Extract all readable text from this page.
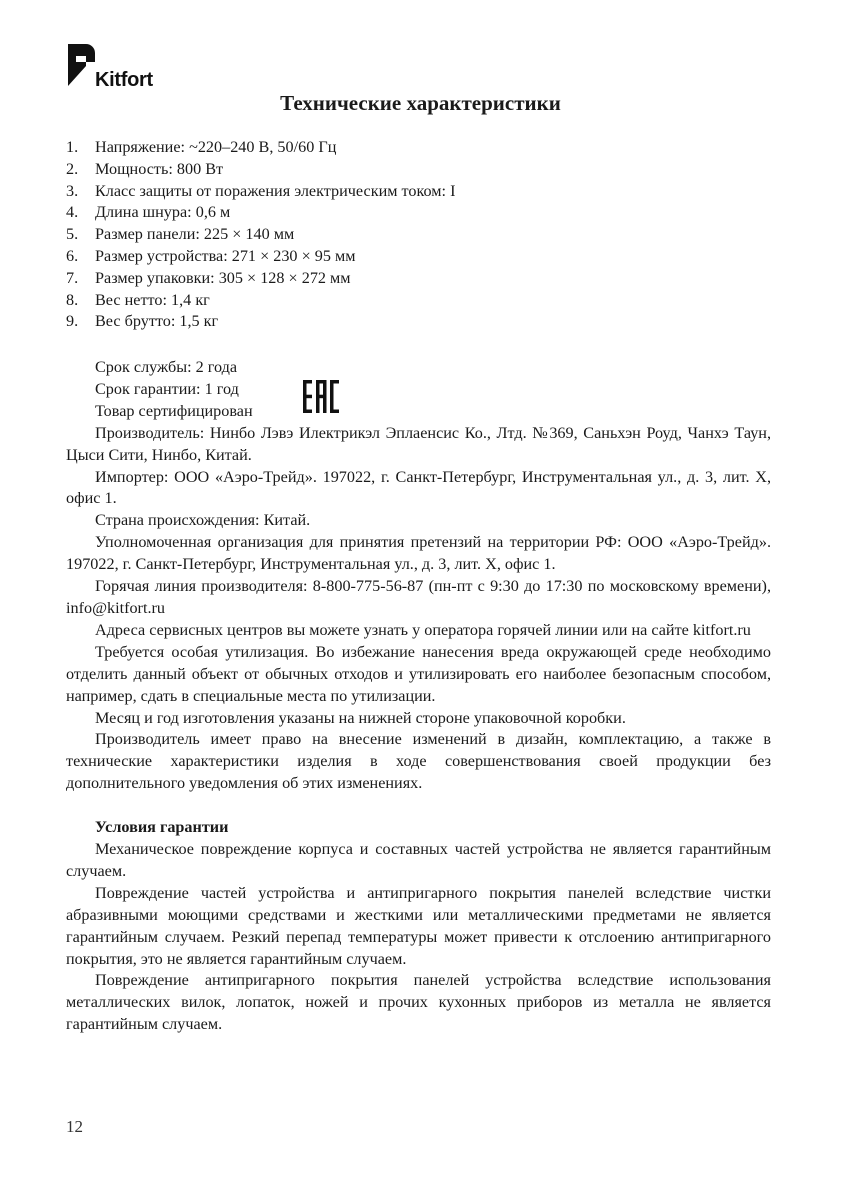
Kitfort
Технические характеристики
1.	Напряжение: ~220–240 В, 50/60 Гц
2.	Мощность: 800 Вт
3.	Класс защиты от поражения электрическим током: I
4.	Длина шнура: 0,6 м
5.	Размер панели: 225 × 140 мм
6.	Размер устройства: 271 × 230 × 95 мм
7.	Размер упаковки: 305 × 128 × 272 мм
8.	Вес нетто: 1,4 кг
9.	Вес брутто: 1,5 кг

Срок службы: 2 года

Срок гарантии: 1 год

Товар сертифицирован

Производитель: Нинбо Лэвэ Илектрикэл Эплаенсис Ко., Лтд. №369, Саньхэн Роуд, Чанхэ Таун, Цыси Сити, Нинбо, Китай.

Импортер: ООО «Аэро-Трейд». 197022, г. Санкт-Петербург, Инструментальная ул., д. 3, лит. Х, офис 1.

Страна происхождения: Китай.

Уполномоченная организация для принятия претензий на территории РФ: ООО «Аэро-Трейд». 197022, г. Санкт-Петербург, Инструментальная ул., д. 3, лит. Х, офис 1.

Горячая линия производителя: 8-800-775-56-87 (пн-пт с 9:30 до 17:30 по московскому времени), info@kitfort.ru

Адреса сервисных центров вы можете узнать у оператора горячей линии или на сайте kitfort.ru

Требуется особая утилизация. Во избежание нанесения вреда окружающей среде необходимо отделить данный объект от обычных отходов и утилизировать его наиболее безопасным способом, например, сдать в специальные места по утилизации.

Месяц и год изготовления указаны на нижней стороне упаковочной коробки.

Производитель имеет право на внесение изменений в дизайн, комплектацию, а также в технические характеристики изделия в ходе совершенствования своей продукции без дополнительного уведомления об этих изменениях.

Условия гарантии

Механическое повреждение корпуса и составных частей устройства не является гарантийным случаем.

Повреждение частей устройства и антипригарного покрытия панелей вследствие чистки абразивными моющими средствами и жесткими или металлическими предметами не является гарантийным случаем. Резкий перепад температуры может привести к отслоению антипригарного покрытия, это не является гарантийным случаем.

Повреждение антипригарного покрытия панелей устройства вследствие использования металлических вилок, лопаток, ножей и прочих кухонных приборов из металла не является гарантийным случаем.

12
